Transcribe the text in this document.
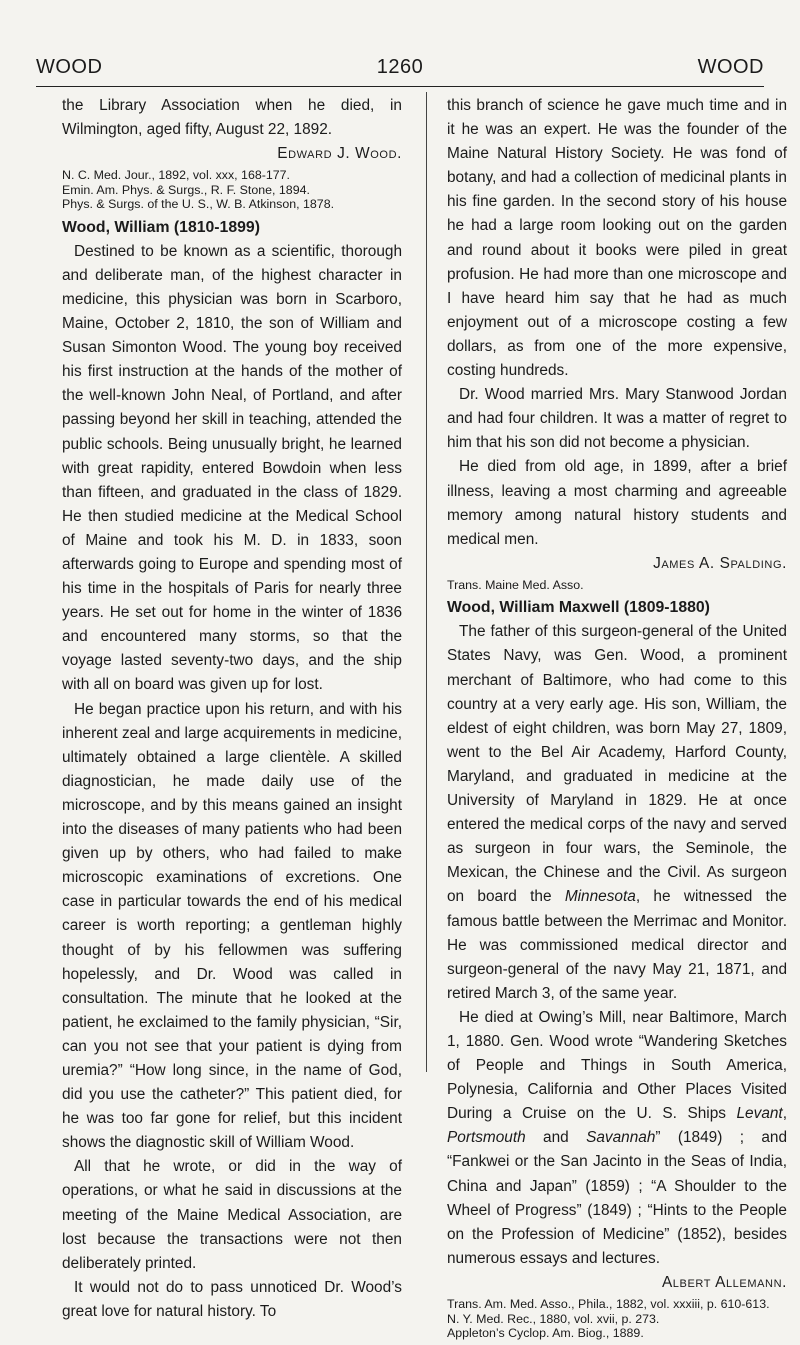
WOOD	1260	WOOD

the Library Association when he died, in Wilmington, aged fifty, August 22, 1892.

Edward J. Wood.

N. C. Med. Jour., 1892, vol. xxx, 168-177.

Emin. Am. Phys. & Surgs., R. F. Stone, 1894.

Phys. & Surgs. of the U. S., W. B. Atkinson, 1878.

Wood, William (1810-1899)

Destined to be known as a scientific, thorough and deliberate man, of the highest character in medicine, this physician was born in Scarboro, Maine, October 2, 1810, the son of William and Susan Simonton Wood. The young boy received his first instruction at the hands of the mother of the well-known John Neal, of Portland, and after passing beyond her skill in teaching, attended the public schools. Being unusually bright, he learned with great rapidity, entered Bowdoin when less than fifteen, and graduated in the class of 1829. He then studied medicine at the Medical School of Maine and took his M. D. in 1833, soon afterwards going to Europe and spending most of his time in the hospitals of Paris for nearly three years. He set out for home in the winter of 1836 and encountered many storms, so that the voyage lasted seventy-two days, and the ship with all on board was given up for lost.

He began practice upon his return, and with his inherent zeal and large acquirements in medicine, ultimately obtained a large clientèle. A skilled diagnostician, he made daily use of the microscope, and by this means gained an insight into the diseases of many patients who had been given up by others, who had failed to make microscopic examinations of excretions. One case in particular towards the end of his medical career is worth reporting; a gentleman highly thought of by his fellowmen was suffering hopelessly, and Dr. Wood was called in consultation. The minute that he looked at the patient, he exclaimed to the family physician, “Sir, can you not see that your patient is dying from uremia?” “How long since, in the name of God, did you use the catheter?” This patient died, for he was too far gone for relief, but this incident shows the diagnostic skill of William Wood.

All that he wrote, or did in the way of operations, or what he said in discussions at the meeting of the Maine Medical Association, are lost because the transactions were not then deliberately printed.

It would not do to pass unnoticed Dr. Wood’s great love for natural history. To

this branch of science he gave much time and in it he was an expert. He was the founder of the Maine Natural History Society. He was fond of botany, and had a collection of medicinal plants in his fine garden. In the second story of his house he had a large room looking out on the garden and round about it books were piled in great profusion. He had more than one microscope and I have heard him say that he had as much enjoyment out of a microscope costing a few dollars, as from one of the more expensive, costing hundreds.

Dr. Wood married Mrs. Mary Stanwood Jordan and had four children. It was a matter of regret to him that his son did not become a physician.

He died from old age, in 1899, after a brief illness, leaving a most charming and agreeable memory among natural history students and medical men.

James A. Spalding.

Trans. Maine Med. Asso.

Wood, William Maxwell (1809-1880)

The father of this surgeon-general of the United States Navy, was Gen. Wood, a prominent merchant of Baltimore, who had come to this country at a very early age. His son, William, the eldest of eight children, was born May 27, 1809, went to the Bel Air Academy, Harford County, Maryland, and graduated in medicine at the University of Maryland in 1829. He at once entered the medical corps of the navy and served as surgeon in four wars, the Seminole, the Mexican, the Chinese and the Civil. As surgeon on board the Minnesota, he witnessed the famous battle between the Merrimac and Monitor. He was commissioned medical director and surgeon-general of the navy May 21, 1871, and retired March 3, of the same year.

He died at Owing’s Mill, near Baltimore, March 1, 1880. Gen. Wood wrote “Wandering Sketches of People and Things in South America, Polynesia, California and Other Places Visited During a Cruise on the U. S. Ships Levant, Portsmouth and Savannah” (1849) ; and “Fankwei or the San Jacinto in the Seas of India, China and Japan” (1859) ; “A Shoulder to the Wheel of Progress” (1849) ; “Hints to the People on the Profession of Medicine” (1852), besides numerous essays and lectures.

Albert Allemann.

Trans. Am. Med. Asso., Phila., 1882, vol. xxxiii, p. 610-613.

N. Y. Med. Rec., 1880, vol. xvii, p. 273.

Appleton’s Cyclop. Am. Biog., 1889.
